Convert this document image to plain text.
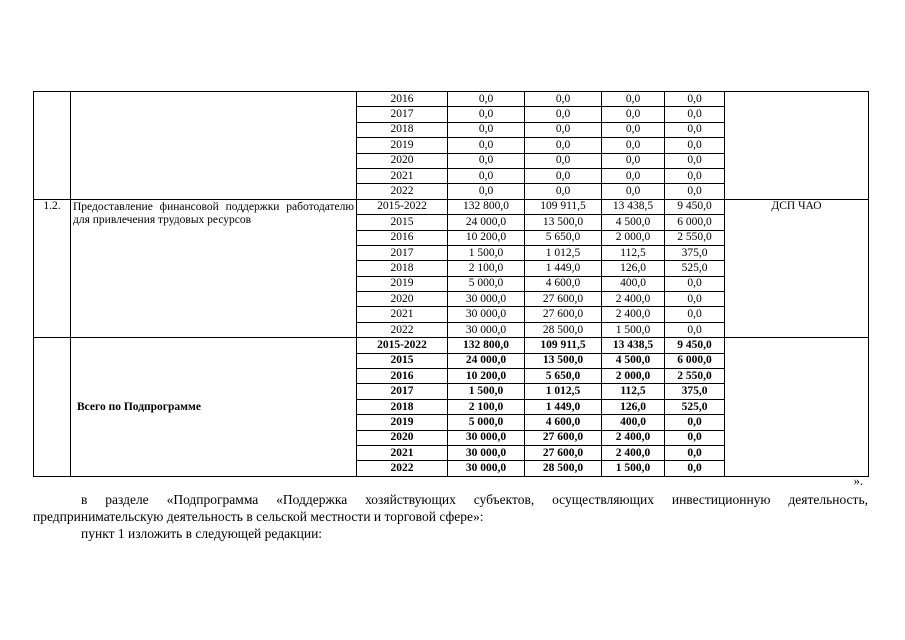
		2016	0,0	0,0	0,0	0,0	
		2017	0,0	0,0	0,0	0,0	
		2018	0,0	0,0	0,0	0,0	
		2019	0,0	0,0	0,0	0,0	
		2020	0,0	0,0	0,0	0,0	
		2021	0,0	0,0	0,0	0,0	
		2022	0,0	0,0	0,0	0,0	
1.2.	Предоставление финансовой поддержки работодателю для привлечения трудовых ресурсов	2015-2022	132 800,0	109 911,5	13 438,5	9 450,0	ДСП ЧАО
		2015	24 000,0	13 500,0	4 500,0	6 000,0	
		2016	10 200,0	5 650,0	2 000,0	2 550,0	
		2017	1 500,0	1 012,5	112,5	375,0	
		2018	2 100,0	1 449,0	126,0	525,0	
		2019	5 000,0	4 600,0	400,0	0,0	
		2020	30 000,0	27 600,0	2 400,0	0,0	
		2021	30 000,0	27 600,0	2 400,0	0,0	
		2022	30 000,0	28 500,0	1 500,0	0,0	
	Всего по Подпрограмме	2015-2022	132 800,0	109 911,5	13 438,5	9 450,0	
		2015	24 000,0	13 500,0	4 500,0	6 000,0	
		2016	10 200,0	5 650,0	2 000,0	2 550,0	
		2017	1 500,0	1 012,5	112,5	375,0	
		2018	2 100,0	1 449,0	126,0	525,0	
		2019	5 000,0	4 600,0	400,0	0,0	
		2020	30 000,0	27 600,0	2 400,0	0,0	
		2021	30 000,0	27 600,0	2 400,0	0,0	
		2022	30 000,0	28 500,0	1 500,0	0,0	
».
в разделе «Подпрограмма «Поддержка хозяйствующих субъектов, осуществляющих инвестиционную деятельность, предпринимательскую деятельность в сельской местности и торговой сфере»:
пункт 1 изложить в следующей редакции:
